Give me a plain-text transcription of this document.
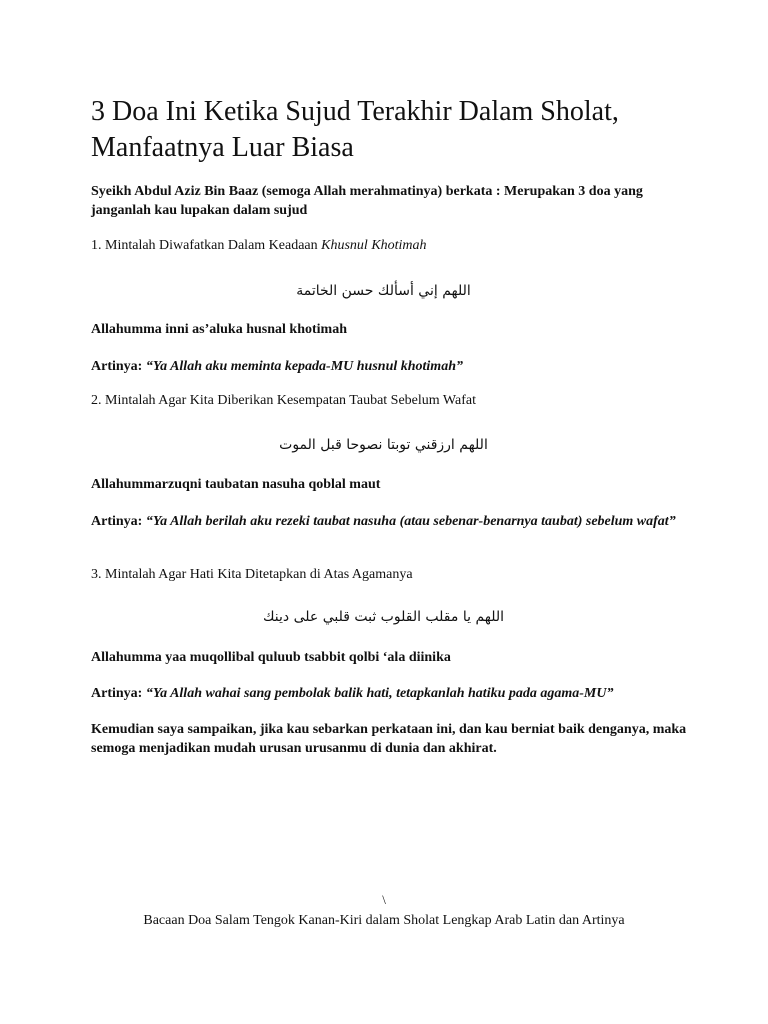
3 Doa Ini Ketika Sujud Terakhir Dalam Sholat, Manfaatnya Luar Biasa

Syeikh Abdul Aziz Bin Baaz (semoga Allah merahmatinya) berkata : Merupakan 3 doa yang janganlah kau lupakan dalam sujud

1. Mintalah Diwafatkan Dalam Keadaan Khusnul Khotimah

اللهم إني أسألك حسن الخاتمة

Allahumma inni as’aluka husnal khotimah

Artinya: “Ya Allah aku meminta kepada-MU husnul khotimah”

2. Mintalah Agar Kita Diberikan Kesempatan Taubat Sebelum Wafat

اللهم ارزقني توبتا نصوحا قبل الموت

Allahummarzuqni taubatan nasuha qoblal maut

Artinya: “Ya Allah berilah aku rezeki taubat nasuha (atau sebenar-benarnya taubat) sebelum wafat”

3. Mintalah Agar Hati Kita Ditetapkan di Atas Agamanya

اللهم يا مقلب القلوب ثبت قلبي على دينك

Allahumma yaa muqollibal quluub tsabbit qolbi ‘ala diinika

Artinya: “Ya Allah wahai sang pembolak balik hati, tetapkanlah hatiku pada agama-MU”

Kemudian saya sampaikan, jika kau sebarkan perkataan ini, dan kau berniat baik denganya, maka semoga menjadikan mudah urusan urusanmu di dunia dan akhirat.

\
Bacaan Doa Salam Tengok Kanan-Kiri dalam Sholat Lengkap Arab Latin dan Artinya
